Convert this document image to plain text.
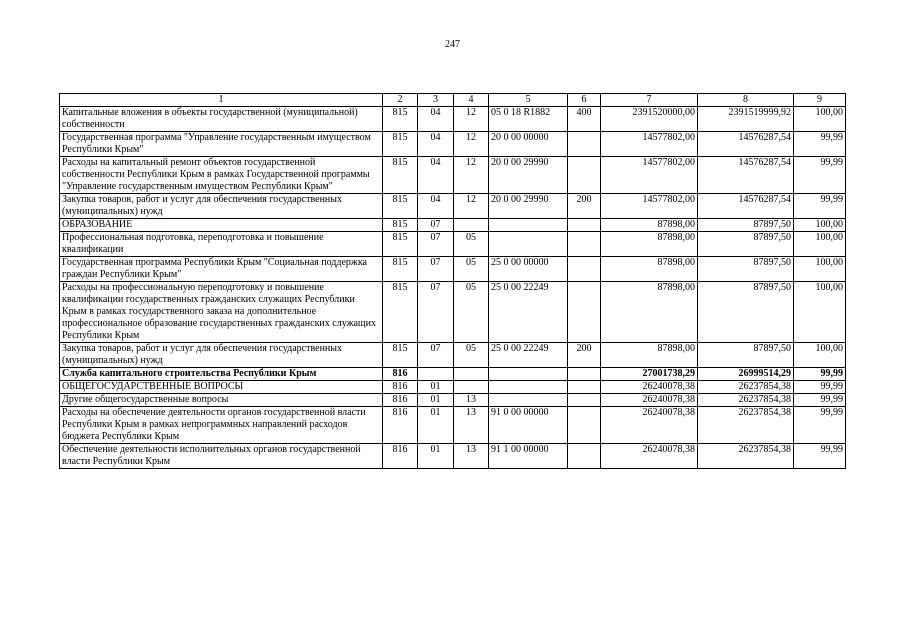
247
1	2	3	4	5	6	7	8	9
Капитальные вложения в объекты государственной (муниципальной) собственности	815	04	12	05 0 18 R1882	400	2391520000,00	2391519999,92	100,00
Государственная программа "Управление государственным имуществом Республики Крым"	815	04	12	20 0 00 00000		14577802,00	14576287,54	99,99
Расходы на капитальный ремонт объектов государственной собственности Республики Крым в рамках Государственной программы "Управление государственным имуществом Республики Крым"	815	04	12	20 0 00 29990		14577802,00	14576287,54	99,99
Закупка товаров, работ и услуг для обеспечения государственных (муниципальных) нужд	815	04	12	20 0 00 29990	200	14577802,00	14576287,54	99,99
ОБРАЗОВАНИЕ	815	07				87898,00	87897,50	100,00
Профессиональная подготовка, переподготовка и повышение квалификации	815	07	05			87898,00	87897,50	100,00
Государственная программа Республики Крым "Социальная поддержка граждан Республики Крым"	815	07	05	25 0 00 00000		87898,00	87897,50	100,00
Расходы на профессиональную переподготовку и повышение квалификации государственных гражданских служащих Республики Крым в рамках государственного заказа на дополнительное профессиональное образование государственных гражданских служащих Республики Крым	815	07	05	25 0 00 22249		87898,00	87897,50	100,00
Закупка товаров, работ и услуг для обеспечения государственных (муниципальных) нужд	815	07	05	25 0 00 22249	200	87898,00	87897,50	100,00
Служба капитального строительства Республики Крым	816					27001738,29	26999514,29	99,99
ОБЩЕГОСУДАРСТВЕННЫЕ ВОПРОСЫ	816	01				26240078,38	26237854,38	99,99
Другие общегосударственные вопросы	816	01	13			26240078,38	26237854,38	99,99
Расходы на обеспечение деятельности органов государственной власти Республики Крым в рамках непрограммных направлений расходов бюджета Республики Крым	816	01	13	91 0 00 00000		26240078,38	26237854,38	99,99
Обеспечение деятельности исполнительных органов государственной власти Республики Крым	816	01	13	91 1 00 00000		26240078,38	26237854,38	99,99
